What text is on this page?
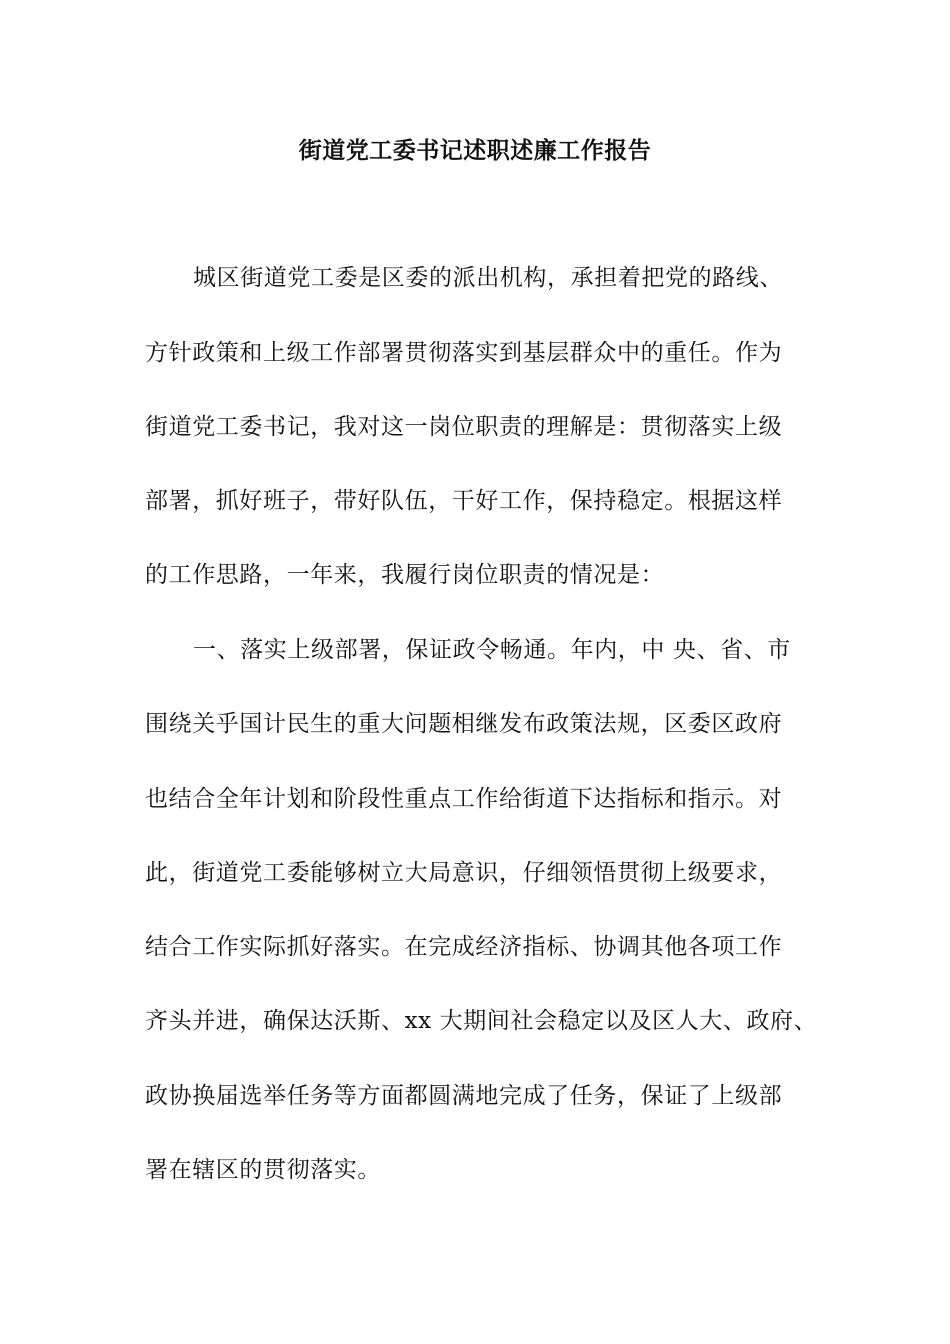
街道党工委书记述职述廉工作报告
城区街道党工委是区委的派出机构，承担着把党的路线、
方针政策和上级工作部署贯彻落实到基层群众中的重任。作为
街道党工委书记，我对这一岗位职责的理解是：贯彻落实上级
部署，抓好班子，带好队伍，干好工作，保持稳定。根据这样
的工作思路，一年来，我履行岗位职责的情况是：
一、落实上级部署，保证政令畅通。年内，中 央、省、市
围绕关乎国计民生的重大问题相继发布政策法规，区委区政府
也结合全年计划和阶段性重点工作给街道下达指标和指示。对
此，街道党工委能够树立大局意识，仔细领悟贯彻上级要求，
结合工作实际抓好落实。在完成经济指标、协调其他各项工作
齐头并进，确保达沃斯、xx 大期间社会稳定以及区人大、政府、
政协换届选举任务等方面都圆满地完成了任务，保证了上级部
署在辖区的贯彻落实。
